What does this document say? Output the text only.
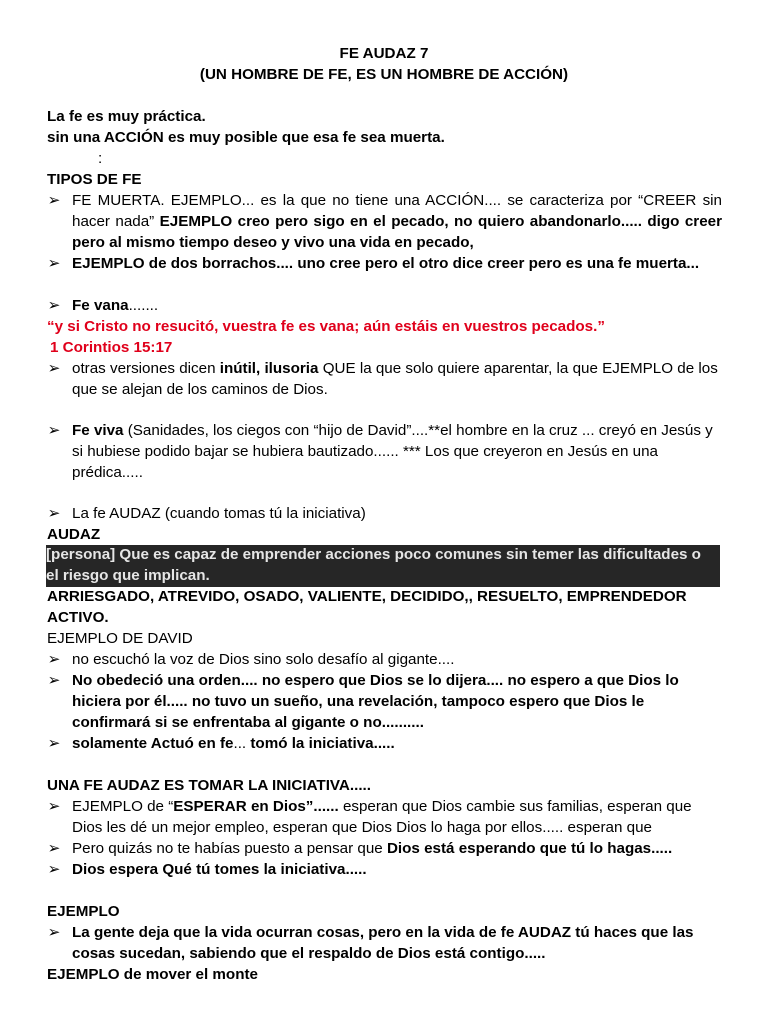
FE AUDAZ 7
(UN HOMBRE DE FE, ES UN HOMBRE DE ACCIÓN)
La fe es muy práctica.
sin una ACCIÓN es muy posible que esa fe sea muerta.
:
TIPOS DE FE
➢ FE MUERTA. EJEMPLO... es la que no tiene una ACCIÓN.... se caracteriza por “CREER sin hacer nada” EJEMPLO creo pero sigo en el pecado, no quiero abandonarlo..... digo creer pero al mismo tiempo deseo y vivo una vida en pecado,
➢ EJEMPLO de dos borrachos.... uno cree pero el otro dice creer pero es una fe muerta...
➢ Fe vana.......
“y si Cristo no resucitó, vuestra fe es vana; aún estáis en vuestros pecados.”
1 Corintios 15:17
➢ otras versiones dicen inútil, ilusoria QUE la que solo quiere aparentar, la que EJEMPLO de los que se alejan de los caminos de Dios.
➢ Fe viva (Sanidades, los ciegos con “hijo de David”....**el hombre en la cruz ... creyó en Jesús y si hubiese podido bajar se hubiera bautizado...... *** Los que creyeron en Jesús en una prédica.....
➢ La fe AUDAZ (cuando tomas tú la iniciativa)
AUDAZ
[persona] Que es capaz de emprender acciones poco comunes sin temer las dificultades o
el riesgo que implican.
ARRIESGADO, ATREVIDO, OSADO, VALIENTE, DECIDIDO,, RESUELTO, EMPRENDEDOR
ACTIVO.
EJEMPLO DE DAVID
➢ no escuchó la voz de Dios sino solo desafío al gigante....
➢ No obedeció una orden.... no espero que Dios se lo dijera.... no espero a que Dios lo hiciera por él..... no tuvo un sueño, una revelación, tampoco espero que Dios le confirmará si se enfrentaba al gigante o no..........
➢ solamente Actuó en fe... tomó la iniciativa.....
UNA FE AUDAZ ES TOMAR LA INICIATIVA.....
➢ EJEMPLO de “ESPERAR en Dios”...... esperan que Dios cambie sus familias, esperan que Dios les dé un mejor empleo, esperan que Dios Dios lo haga por ellos..... esperan que
➢ Pero quizás no te habías puesto a pensar que Dios está esperando que tú lo hagas.....
➢ Dios espera Qué tú tomes la iniciativa.....
EJEMPLO
➢ La gente deja que la vida ocurran cosas, pero en la vida de fe AUDAZ tú haces que las cosas sucedan, sabiendo que el respaldo de Dios está contigo.....
EJEMPLO de mover el monte
